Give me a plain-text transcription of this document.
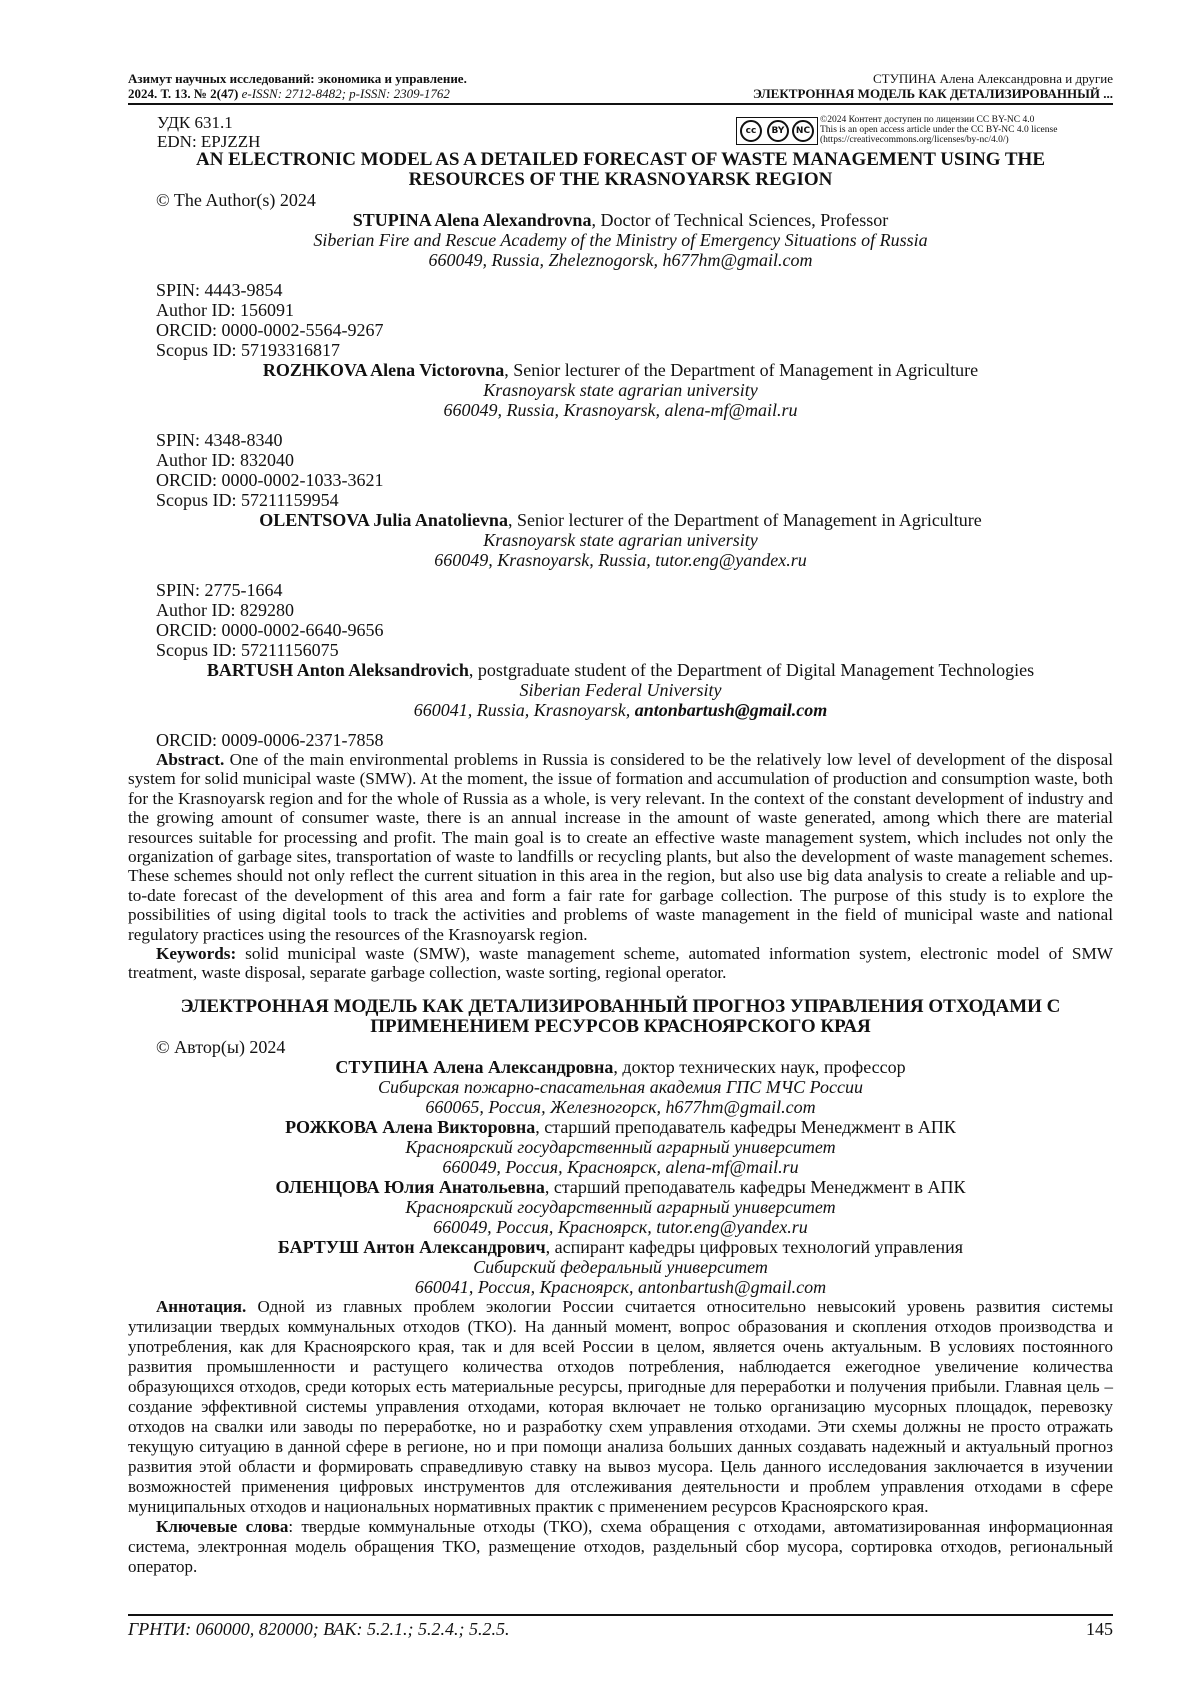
Азимут научных исследований: экономика и управление.
2024. Т. 13. № 2(47) e-ISSN: 2712-8482; p-ISSN: 2309-1762
СТУПИНА Алена Александровна и другие
ЭЛЕКТРОННАЯ МОДЕЛЬ КАК ДЕТАЛИЗИРОВАННЫЙ ...
УДК 631.1
EDN: EPJZZH
cc	BY	NC
©2024 Контент доступен по лицензии CC BY-NC 4.0
This is an open access article under the CC BY-NC 4.0 license
(https://creativecommons.org/licenses/by-nc/4.0/)
AN ELECTRONIC MODEL AS A DETAILED FORECAST OF WASTE MANAGEMENT USING THE
RESOURCES OF THE KRASNOYARSK REGION

© The Author(s) 2024

STUPINA Alena Alexandrovna, Doctor of Technical Sciences, Professor

Siberian Fire and Rescue Academy of the Ministry of Emergency Situations of Russia

660049, Russia, Zheleznogorsk, h677hm@gmail.com

SPIN: 4443-9854

Author ID: 156091

ORCID: 0000-0002-5564-9267

Scopus ID: 57193316817

ROZHKOVA Alena Victorovna, Senior lecturer of the Department of Management in Agriculture

Krasnoyarsk state agrarian university

660049, Russia, Krasnoyarsk, alena-mf@mail.ru

SPIN: 4348-8340

Author ID: 832040

ORCID: 0000-0002-1033-3621

Scopus ID: 57211159954

OLENTSOVA Julia Anatolievna, Senior lecturer of the Department of Management in Agriculture

Krasnoyarsk state agrarian university

660049, Krasnoyarsk, Russia, tutor.eng@yandex.ru

SPIN: 2775-1664

Author ID: 829280

ORCID: 0000-0002-6640-9656

Scopus ID: 57211156075

BARTUSH Anton Aleksandrovich, postgraduate student of the Department of Digital Management Technologies

Siberian Federal University

660041, Russia, Krasnoyarsk, antonbartush@gmail.com

ORCID: 0009-0006-2371-7858

Abstract. One of the main environmental problems in Russia is considered to be the relatively low level of development of the disposal system for solid municipal waste (SMW). At the moment, the issue of formation and accumulation of production and consumption waste, both for the Krasnoyarsk region and for the whole of Russia as a whole, is very relevant. In the context of the constant development of industry and the growing amount of consumer waste, there is an annual increase in the amount of waste generated, among which there are material resources suitable for processing and profit. The main goal is to create an effective waste management system, which includes not only the organization of garbage sites, transportation of waste to landfills or recycling plants, but also the development of waste management schemes. These schemes should not only reflect the current situation in this area in the region, but also use big data analysis to create a reliable and up-to-date forecast of the development of this area and form a fair rate for garbage collection. The purpose of this study is to explore the possibilities of using digital tools to track the activities and problems of waste management in the field of municipal waste and national regulatory practices using the resources of the Krasnoyarsk region.

Keywords: solid municipal waste (SMW), waste management scheme, automated information system, electronic model of SMW treatment, waste disposal, separate garbage collection, waste sorting, regional operator.

ЭЛЕКТРОННАЯ МОДЕЛЬ КАК ДЕТАЛИЗИРОВАННЫЙ ПРОГНОЗ УПРАВЛЕНИЯ ОТХОДАМИ С
ПРИМЕНЕНИЕМ РЕСУРСОВ КРАСНОЯРСКОГО КРАЯ

© Автор(ы) 2024

СТУПИНА Алена Александровна, доктор технических наук, профессор

Сибирская пожарно-спасательная академия ГПС МЧС России

660065, Россия, Железногорск, h677hm@gmail.com

РОЖКОВА Алена Викторовна, старший преподаватель кафедры Менеджмент в АПК

Красноярский государственный аграрный университет

660049, Россия, Красноярск, alena-mf@mail.ru

ОЛЕНЦОВА Юлия Анатольевна, старший преподаватель кафедры Менеджмент в АПК

Красноярский государственный аграрный университет

660049, Россия, Красноярск, tutor.eng@yandex.ru

БАРТУШ Антон Александрович, аспирант кафедры цифровых технологий управления

Сибирский федеральный университет

660041, Россия, Красноярск, antonbartush@gmail.com

Аннотация. Одной из главных проблем экологии России считается относительно невысокий уровень развития системы утилизации твердых коммунальных отходов (ТКО). На данный момент, вопрос образования и скопления отходов производства и употребления, как для Красноярского края, так и для всей России в целом, является очень актуальным. В условиях постоянного развития промышленности и растущего количества отходов потребления, наблюдается ежегодное увеличение количества образующихся отходов, среди которых есть материальные ресурсы, пригодные для переработки и получения прибыли. Главная цель – создание эффективной системы управления отходами, которая включает не только организацию мусорных площадок, перевозку отходов на свалки или заводы по переработке, но и разработку схем управления отходами. Эти схемы должны не просто отражать текущую ситуацию в данной сфере в регионе, но и при помощи анализа больших данных создавать надежный и актуальный прогноз развития этой области и формировать справедливую ставку на вывоз мусора. Цель данного исследования заключается в изучении возможностей применения цифровых инструментов для отслеживания деятельности и проблем управления отходами в сфере муниципальных отходов и национальных нормативных практик с применением ресурсов Красноярского края.

Ключевые слова: твердые коммунальные отходы (ТКО), схема обращения с отходами, автоматизированная информационная система, электронная модель обращения ТКО, размещение отходов, раздельный сбор мусора, сортировка отходов, региональный оператор.

ГРНТИ: 060000, 820000; ВАК: 5.2.1.; 5.2.4.; 5.2.5.	145
